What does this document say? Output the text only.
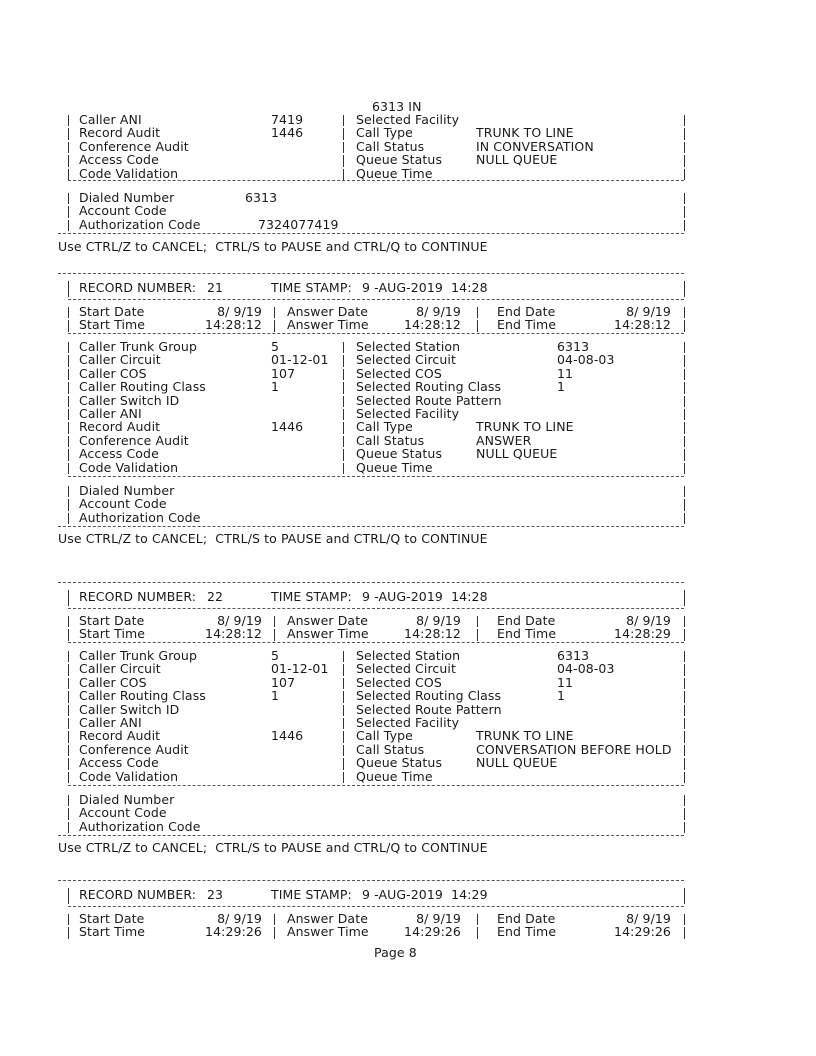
6313 IN
Caller ANI	7419	Selected Facility
Record Audit	1446	Call Type	TRUNK TO LINE
Conference Audit	Call Status	IN CONVERSATION
Access Code	Queue Status	NULL QUEUE
Code Validation	Queue Time
Dialed Number	6313
Account Code
Authorization Code	7324077419
Use CTRL/Z to CANCEL;  CTRL/S to PAUSE and CTRL/Q to CONTINUE
RECORD NUMBER: 21	TIME STAMP: 9 -AUG-2019  14:28
Start Date	8/ 9/19 Answer Date	8/ 9/19	End Date	8/ 9/19
Start Time	14:28:12 Answer Time	14:28:12	End Time	14:28:12
Caller Trunk Group	5	Selected Station	6313
Caller Circuit	01-12-01 Selected Circuit	04-08-03
Caller COS	107	Selected COS	11
Caller Routing Class	1	Selected Routing Class	1
Caller Switch ID	Selected Route Pattern
Caller ANI	Selected Facility
Record Audit	1446	Call Type	TRUNK TO LINE
Conference Audit	Call Status	ANSWER
Access Code	Queue Status	NULL QUEUE
Code Validation	Queue Time
Dialed Number
Account Code
Authorization Code
Use CTRL/Z to CANCEL;  CTRL/S to PAUSE and CTRL/Q to CONTINUE
RECORD NUMBER: 22	TIME STAMP: 9 -AUG-2019  14:28
Start Date	8/ 9/19 Answer Date	8/ 9/19	End Date	8/ 9/19
Start Time	14:28:12 Answer Time	14:28:12	End Time	14:28:29
Caller Trunk Group	5	Selected Station	6313
Caller Circuit	01-12-01 Selected Circuit	04-08-03
Caller COS	107	Selected COS	11
Caller Routing Class	1	Selected Routing Class	1
Caller Switch ID	Selected Route Pattern
Caller ANI	Selected Facility
Record Audit	1446	Call Type	TRUNK TO LINE
Conference Audit	Call Status	CONVERSATION BEFORE HOLD
Access Code	Queue Status	NULL QUEUE
Code Validation	Queue Time
Dialed Number
Account Code
Authorization Code
Use CTRL/Z to CANCEL;  CTRL/S to PAUSE and CTRL/Q to CONTINUE
RECORD NUMBER: 23	TIME STAMP: 9 -AUG-2019  14:29
Start Date	8/ 9/19 Answer Date	8/ 9/19	End Date	8/ 9/19
Start Time	14:29:26 Answer Time	14:29:26	End Time	14:29:26
Page 8
